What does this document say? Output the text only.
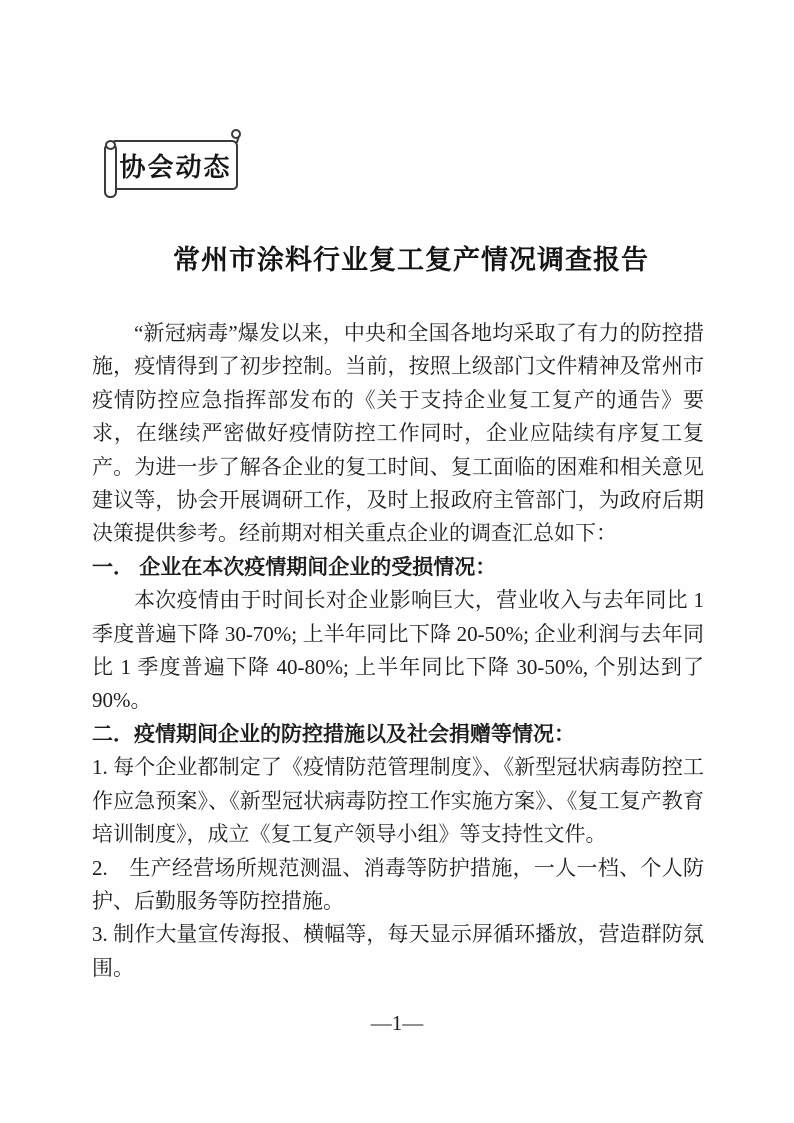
协会动态
常州市涂料行业复工复产情况调查报告

“新冠病毒”爆发以来，中央和全国各地均采取了有力的防控措施，疫情得到了初步控制。当前，按照上级部门文件精神及常州市疫情防控应急指挥部发布的《关于支持企业复工复产的通告》要求，在继续严密做好疫情防控工作同时，企业应陆续有序复工复产。为进一步了解各企业的复工时间、复工面临的困难和相关意见建议等，协会开展调研工作，及时上报政府主管部门，为政府后期决策提供参考。经前期对相关重点企业的调查汇总如下：

一． 企业在本次疫情期间企业的受损情况：

本次疫情由于时间长对企业影响巨大，营业收入与去年同比 1 季度普遍下降 30-70%; 上半年同比下降 20-50%; 企业利润与去年同比 1 季度普遍下降 40-80%; 上半年同比下降 30-50%, 个别达到了 90%。

二．疫情期间企业的防控措施以及社会捐赠等情况：

1. 每个企业都制定了《疫情防范管理制度》、《新型冠状病毒防控工作应急预案》、《新型冠状病毒防控工作实施方案》、《复工复产教育培训制度》，成立《复工复产领导小组》等支持性文件。

2.　生产经营场所规范测温、消毒等防护措施，一人一档、个人防护、后勤服务等防控措施。

3. 制作大量宣传海报、横幅等，每天显示屏循环播放，营造群防氛围。

—1—
